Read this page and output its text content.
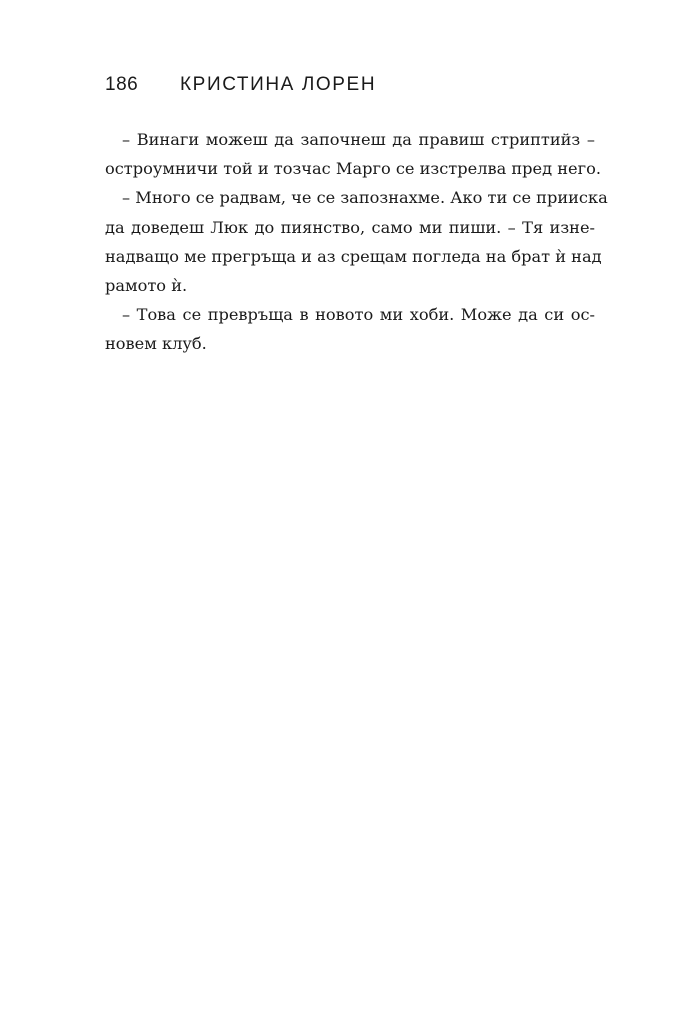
186	КРИСТИНА ЛОРЕН
– Винаги можеш да започнеш да правиш стриптийз –
остроумничи той и тозчас Марго се изстрелва пред него.
– Много се радвам, че се запознахме. Ако ти се прииска
да доведеш Люк до пиянство, само ми пиши. – Тя изне-
надващо ме прегръща и аз срещам погледа на брат ѝ над
рамото ѝ.
– Това се превръща в новото ми хоби. Може да си ос-
новем клуб.
